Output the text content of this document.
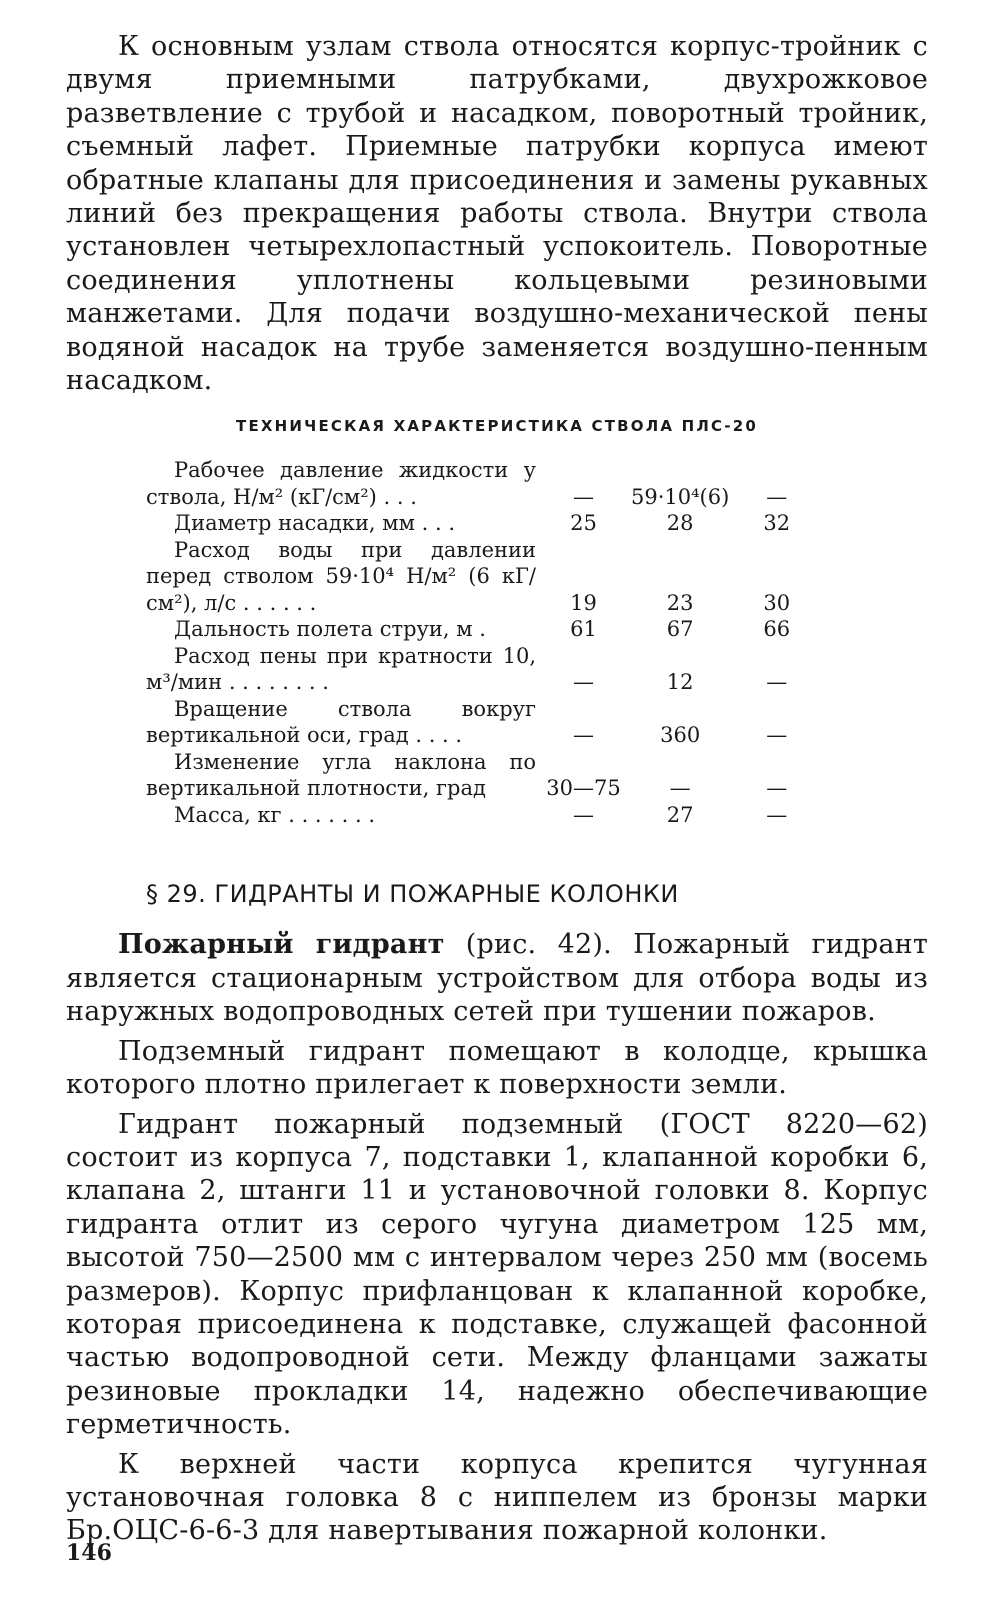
К основным узлам ствола относятся корпус-тройник с двумя приемными патрубками, двухрожковое разветвление с трубой и насадком, поворотный тройник, съемный лафет. Приемные патрубки корпуса имеют обратные клапаны для присоединения и замены рукавных линий без прекращения работы ствола. Внутри ствола установлен четырехлопастный успокоитель. Поворотные соединения уплотнены кольцевыми резиновыми манжетами. Для подачи воздушно-механической пены водяной насадок на трубе заменяется воздушно-пенным насадком.

ТЕХНИЧЕСКАЯ ХАРАКТЕРИСТИКА СТВОЛА ПЛС-20
Рабочее давление жидкости у ствола, Н/м² (кГ/см²) . . .	—	59·10⁴(6)	—

Диаметр насадки, мм . . .	25	28	32

Расход воды при давлении перед стволом 59·10⁴ Н/м² (6 кГ/см²), л/с . . . . . .	19	23	30

Дальность полета струи, м .	61	67	66

Расход пены при кратности 10, м³/мин . . . . . . . .	—	12	—

Вращение ствола вокруг вертикальной оси, град . . . .	—	360	—

Изменение угла наклона по вертикальной плотности, град	30—75	—	—

Масса, кг . . . . . . .	—	27	—
§ 29. ГИДРАНТЫ И ПОЖАРНЫЕ КОЛОНКИ

Пожарный гидрант (рис. 42). Пожарный гидрант является стационарным устройством для отбора воды из наружных водопроводных сетей при тушении пожаров.

Подземный гидрант помещают в колодце, крышка которого плотно прилегает к поверхности земли.

Гидрант пожарный подземный (ГОСТ 8220—62) состоит из корпуса 7, подставки 1, клапанной коробки 6, клапана 2, штанги 11 и установочной головки 8. Корпус гидранта отлит из серого чугуна диаметром 125 мм, высотой 750—2500 мм с интервалом через 250 мм (восемь размеров). Корпус прифланцован к клапанной коробке, которая присоединена к подставке, служащей фасонной частью водопроводной сети. Между фланцами зажаты резиновые прокладки 14, надежно обеспечивающие герметичность.

К верхней части корпуса крепится чугунная установочная головка 8 с ниппелем из бронзы марки Бр.ОЦС-6-6-3 для навертывания пожарной колонки.

146
